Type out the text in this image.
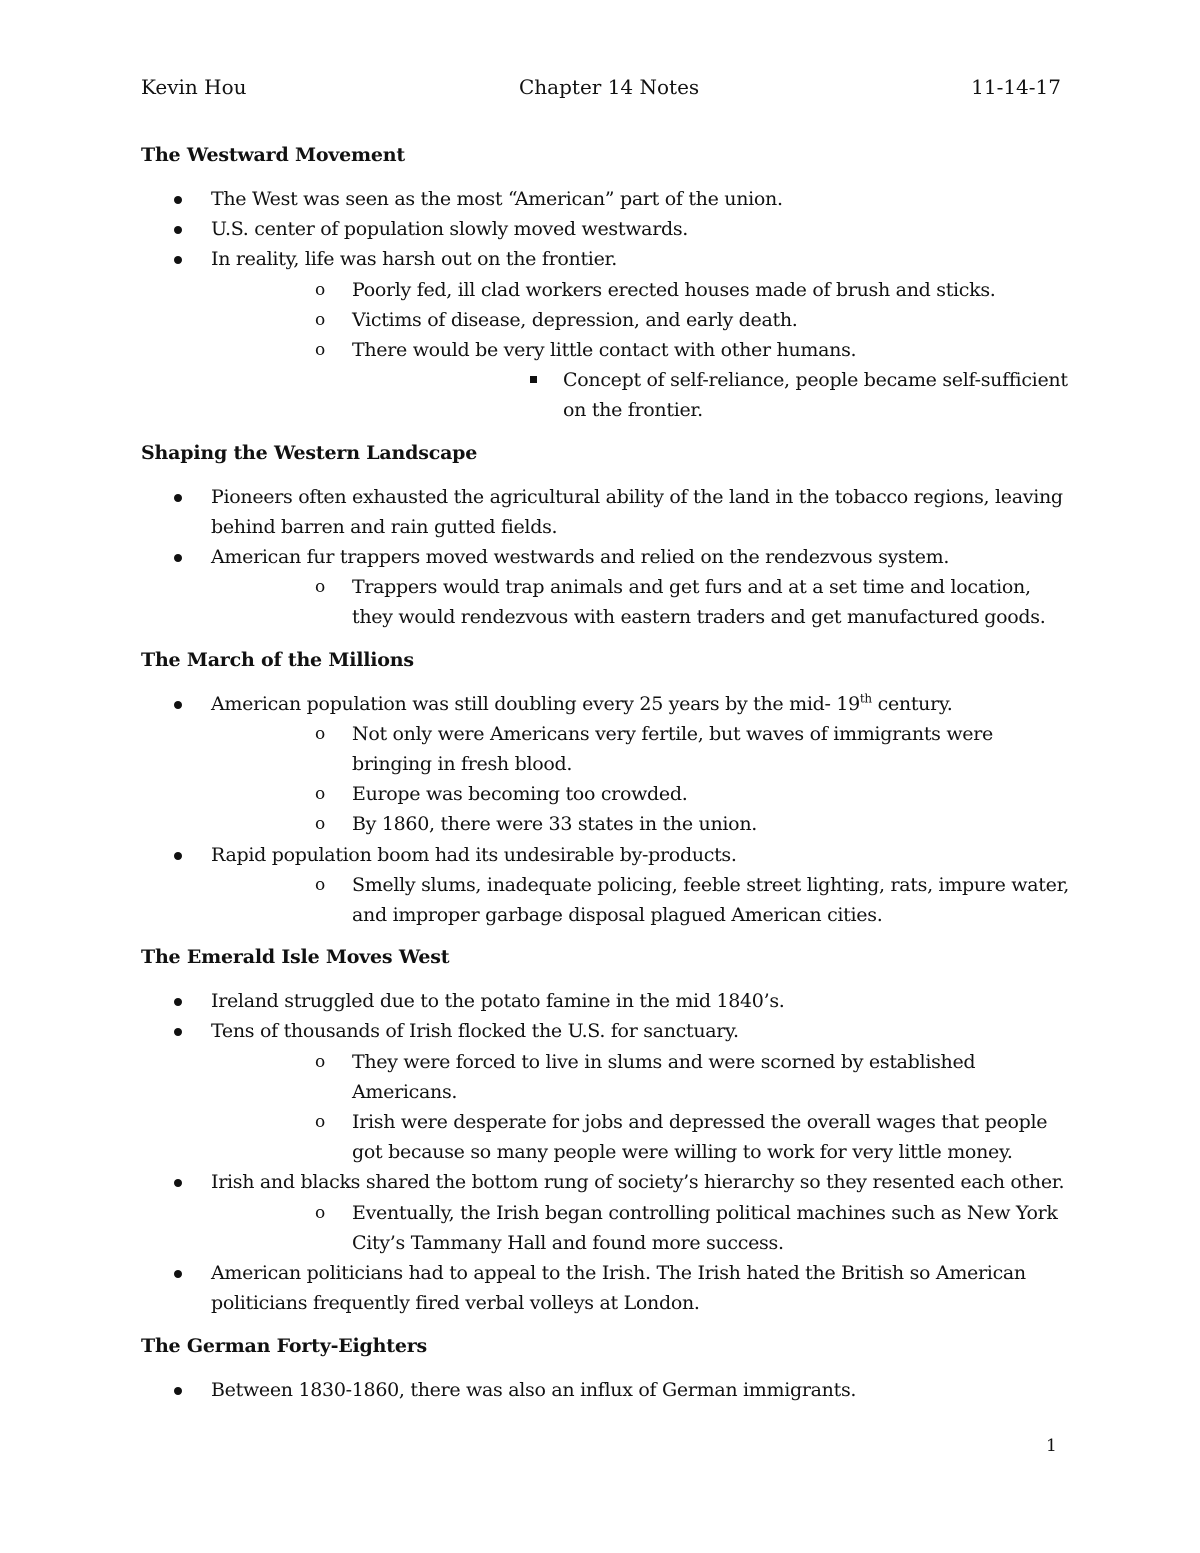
Kevin Hou	Chapter 14 Notes	11-14-17
The Westward Movement
The West was seen as the most “American” part of the union.
U.S. center of population slowly moved westwards.
In reality, life was harsh out on the frontier.
o Poorly fed, ill clad workers erected houses made of brush and sticks.
o Victims of disease, depression, and early death.
o There would be very little contact with other humans.
Concept of self-reliance, people became self-sufficient on the frontier.
Shaping the Western Landscape
Pioneers often exhausted the agricultural ability of the land in the tobacco regions, leaving behind barren and rain gutted fields.
American fur trappers moved westwards and relied on the rendezvous system.
o Trappers would trap animals and get furs and at a set time and location, they would rendezvous with eastern traders and get manufactured goods.
The March of the Millions
American population was still doubling every 25 years by the mid- 19th century.
o Not only were Americans very fertile, but waves of immigrants were bringing in fresh blood.
o Europe was becoming too crowded.
o By 1860, there were 33 states in the union.
Rapid population boom had its undesirable by-products.
o Smelly slums, inadequate policing, feeble street lighting, rats, impure water, and improper garbage disposal plagued American cities.
The Emerald Isle Moves West
Ireland struggled due to the potato famine in the mid 1840’s.
Tens of thousands of Irish flocked the U.S. for sanctuary.
o They were forced to live in slums and were scorned by established Americans.
o Irish were desperate for jobs and depressed the overall wages that people got because so many people were willing to work for very little money.
Irish and blacks shared the bottom rung of society’s hierarchy so they resented each other.
o Eventually, the Irish began controlling political machines such as New York City’s Tammany Hall and found more success.
American politicians had to appeal to the Irish. The Irish hated the British so American politicians frequently fired verbal volleys at London.
The German Forty-Eighters
Between 1830-1860, there was also an influx of German immigrants.
1
